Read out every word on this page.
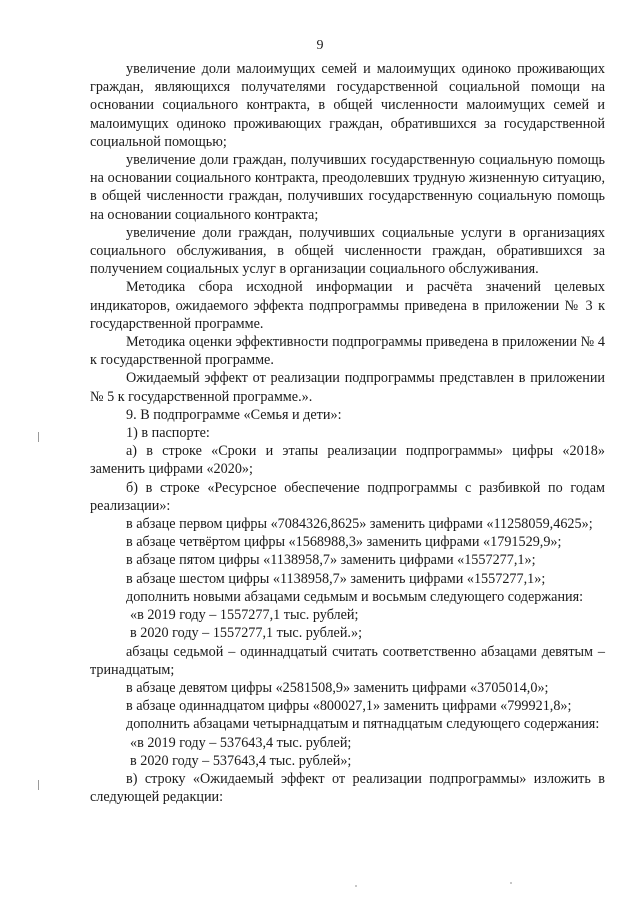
9

увеличение доли малоимущих семей и малоимущих одиноко проживающих граждан, являющихся получателями государственной социальной помощи на основании социального контракта, в общей численности малоимущих семей и малоимущих одиноко проживающих граждан, обратившихся за государственной социальной помощью;

увеличение доли граждан, получивших государственную социальную помощь на основании социального контракта, преодолевших трудную жизненную ситуацию, в общей численности граждан, получивших государственную социальную помощь на основании социального контракта;

увеличение доли граждан, получивших социальные услуги в организациях социального обслуживания, в общей численности граждан, обратившихся за получением социальных услуг в организации социального обслуживания.

Методика сбора исходной информации и расчёта значений целевых индикаторов, ожидаемого эффекта подпрограммы приведена в приложении № 3 к государственной программе.

Методика оценки эффективности подпрограммы приведена в приложении № 4 к государственной программе.

Ожидаемый эффект от реализации подпрограммы представлен в приложении № 5 к государственной программе.».

9. В подпрограмме «Семья и дети»:

1) в паспорте:

а) в строке «Сроки и этапы реализации подпрограммы» цифры «2018» заменить цифрами «2020»;

б) в строке «Ресурсное обеспечение подпрограммы с разбивкой по годам реализации»:

в абзаце первом цифры «7084326,8625» заменить цифрами «11258059,4625»;

в абзаце четвёртом цифры «1568988,3» заменить цифрами «1791529,9»;

в абзаце пятом цифры «1138958,7» заменить цифрами «1557277,1»;

в абзаце шестом цифры «1138958,7» заменить цифрами «1557277,1»;

дополнить новыми абзацами седьмым и восьмым следующего содержания:

«в 2019 году – 1557277,1 тыс. рублей;

в 2020 году – 1557277,1 тыс. рублей.»;

абзацы седьмой – одиннадцатый считать соответственно абзацами девятым – тринадцатым;

в абзаце девятом цифры «2581508,9» заменить цифрами «3705014,0»;

в абзаце одиннадцатом цифры «800027,1» заменить цифрами «799921,8»;

дополнить абзацами четырнадцатым и пятнадцатым следующего содержания:

«в 2019 году – 537643,4 тыс. рублей;

в 2020 году – 537643,4 тыс. рублей»;

в) строку «Ожидаемый эффект от реализации подпрограммы» изложить в следующей редакции:
